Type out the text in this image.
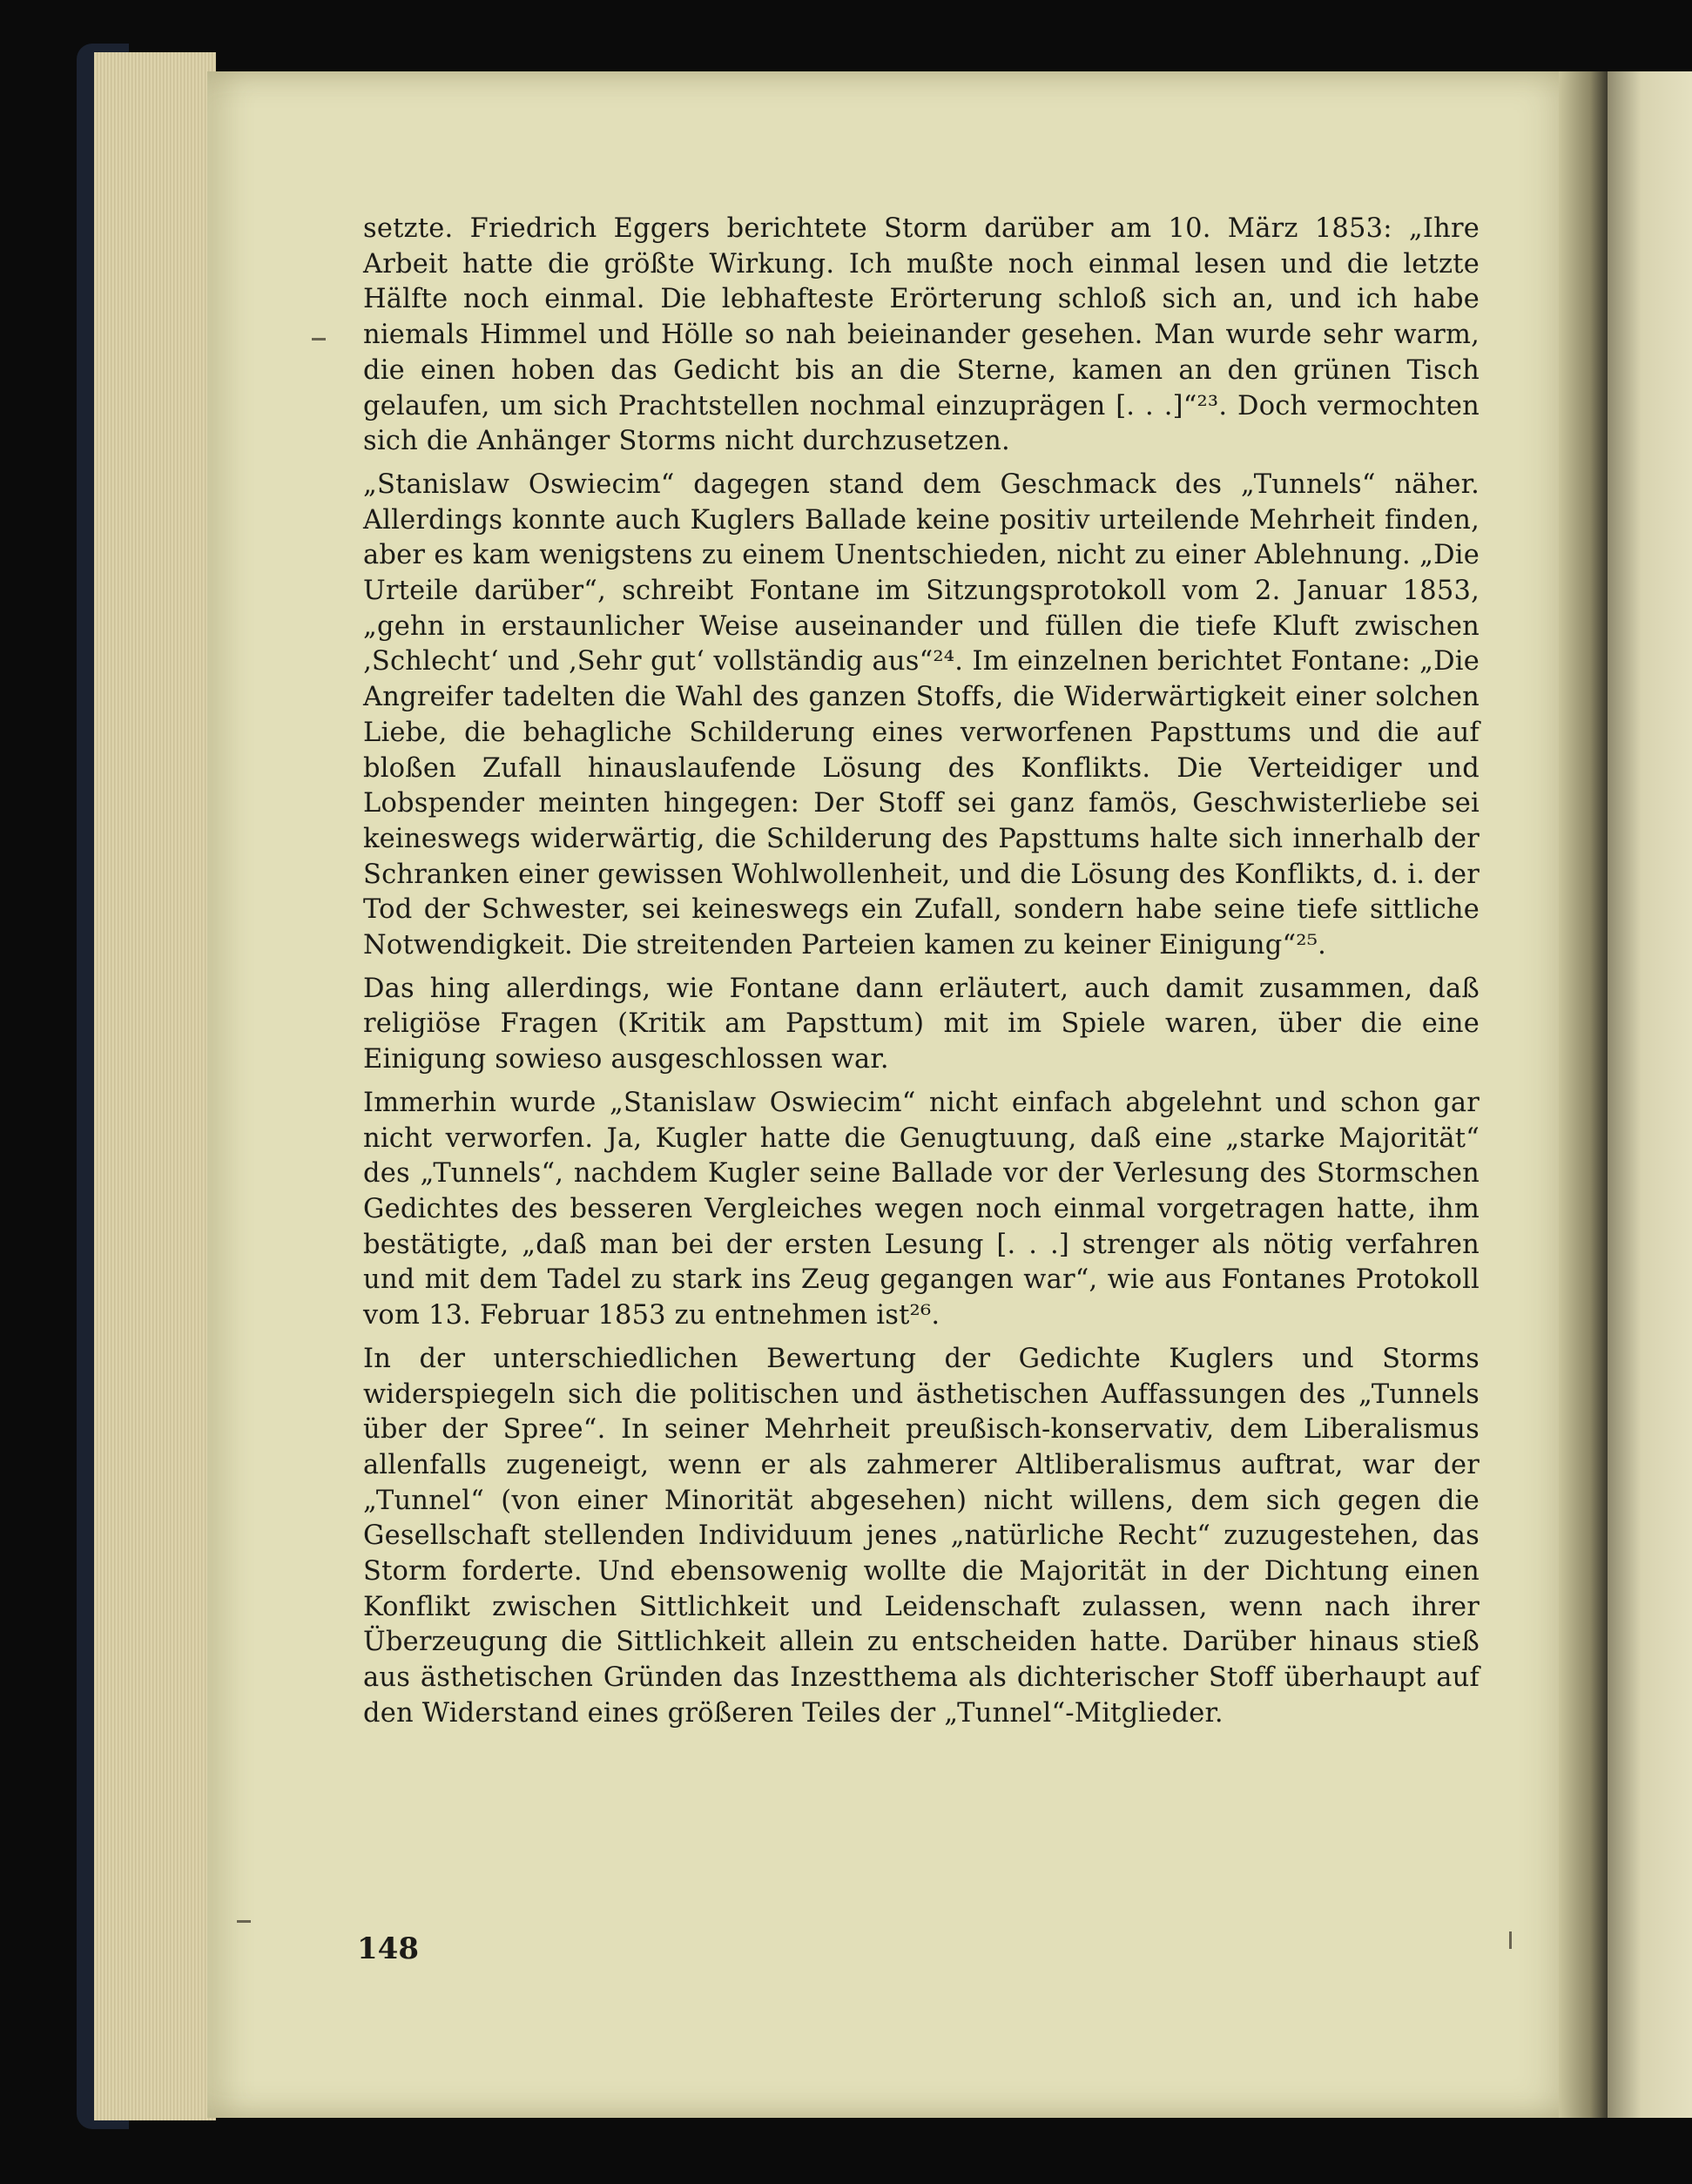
setzte. Friedrich Eggers berichtete Storm darüber am 10. März 1853: „Ihre Arbeit hatte die größte Wirkung. Ich mußte noch einmal lesen und die letzte Hälfte noch einmal. Die lebhafteste Erörterung schloß sich an, und ich habe niemals Himmel und Hölle so nah beieinander gesehen. Man wurde sehr warm, die einen hoben das Gedicht bis an die Sterne, kamen an den grünen Tisch gelaufen, um sich Prachtstellen nochmal einzuprägen [. . .]“²³. Doch vermochten sich die Anhänger Storms nicht durchzusetzen.

„Stanislaw Oswiecim“ dagegen stand dem Geschmack des „Tunnels“ näher. Allerdings konnte auch Kuglers Ballade keine positiv urteilende Mehrheit finden, aber es kam wenigstens zu einem Unentschieden, nicht zu einer Ablehnung. „Die Urteile darüber“, schreibt Fontane im Sitzungsprotokoll vom 2. Januar 1853, „gehn in erstaunlicher Weise auseinander und füllen die tiefe Kluft zwischen ‚Schlecht‘ und ‚Sehr gut‘ vollständig aus“²⁴. Im einzelnen berichtet Fontane: „Die Angreifer tadelten die Wahl des ganzen Stoffs, die Widerwärtigkeit einer solchen Liebe, die behagliche Schilderung eines verworfenen Papsttums und die auf bloßen Zufall hinauslaufende Lösung des Konflikts. Die Verteidiger und Lobspender meinten hingegen: Der Stoff sei ganz famös, Geschwisterliebe sei keineswegs widerwärtig, die Schilderung des Papsttums halte sich innerhalb der Schranken einer gewissen Wohlwollenheit, und die Lösung des Konflikts, d. i. der Tod der Schwester, sei keineswegs ein Zufall, sondern habe seine tiefe sittliche Notwendigkeit. Die streitenden Parteien kamen zu keiner Einigung“²⁵.

Das hing allerdings, wie Fontane dann erläutert, auch damit zusammen, daß religiöse Fragen (Kritik am Papsttum) mit im Spiele waren, über die eine Einigung sowieso ausgeschlossen war.

Immerhin wurde „Stanislaw Oswiecim“ nicht einfach abgelehnt und schon gar nicht verworfen. Ja, Kugler hatte die Genugtuung, daß eine „starke Majorität“ des „Tunnels“, nachdem Kugler seine Ballade vor der Verlesung des Stormschen Gedichtes des besseren Vergleiches wegen noch einmal vorgetragen hatte, ihm bestätigte, „daß man bei der ersten Lesung [. . .] strenger als nötig verfahren und mit dem Tadel zu stark ins Zeug gegangen war“, wie aus Fontanes Protokoll vom 13. Februar 1853 zu entnehmen ist²⁶.

In der unterschiedlichen Bewertung der Gedichte Kuglers und Storms widerspiegeln sich die politischen und ästhetischen Auffassungen des „Tunnels über der Spree“. In seiner Mehrheit preußisch-konservativ, dem Liberalismus allenfalls zugeneigt, wenn er als zahmerer Altliberalismus auftrat, war der „Tunnel“ (von einer Minorität abgesehen) nicht willens, dem sich gegen die Gesellschaft stellenden Individuum jenes „natürliche Recht“ zuzugestehen, das Storm forderte. Und ebensowenig wollte die Majorität in der Dichtung einen Konflikt zwischen Sittlichkeit und Leidenschaft zulassen, wenn nach ihrer Überzeugung die Sittlichkeit allein zu entscheiden hatte. Darüber hinaus stieß aus ästhetischen Gründen das Inzestthema als dichterischer Stoff überhaupt auf den Widerstand eines größeren Teiles der „Tunnel“-Mitglieder.

148
